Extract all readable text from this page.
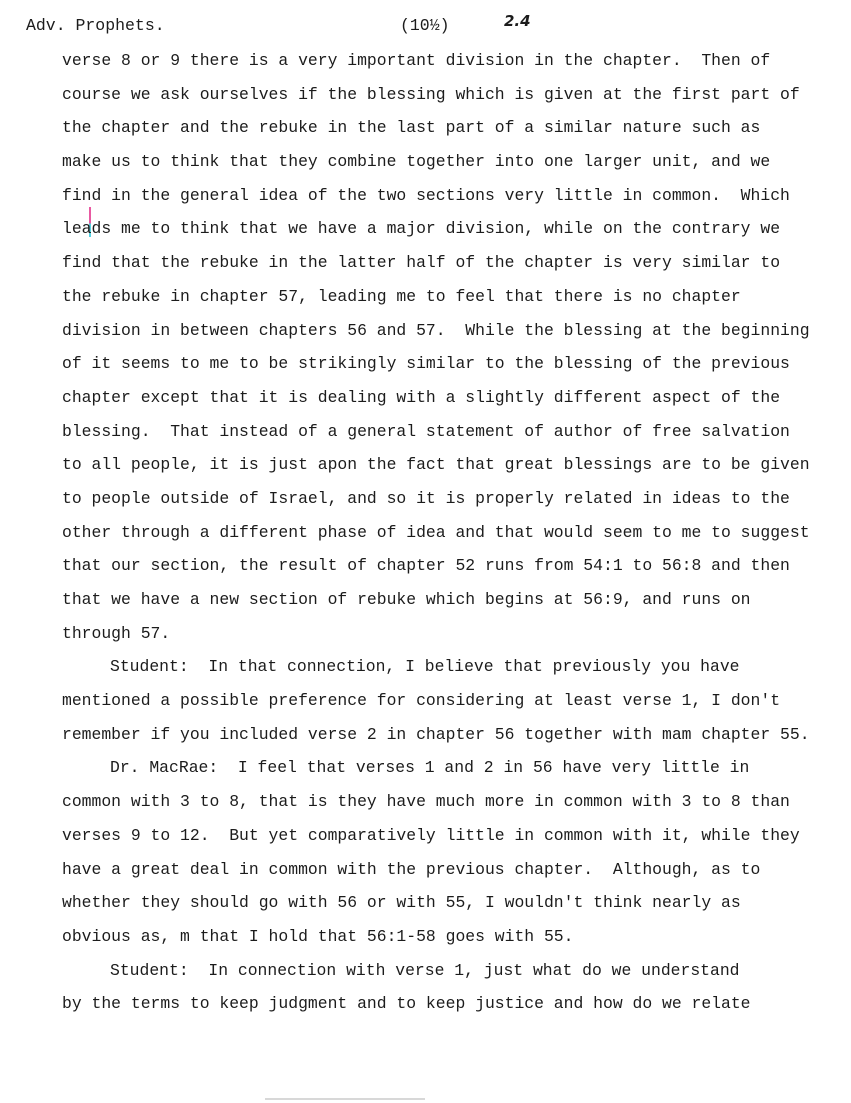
Adv. Prophets.	(10½)	2.4
verse 8 or 9 there is a very important division in the chapter.  Then of
course we ask ourselves if the blessing which is given at the first part of
the chapter and the rebuke in the last part of a similar nature such as
make us to think that they combine together into one larger unit, and we
find in the general idea of the two sections very little in common.  Which
leads me to think that we have a major division, while on the contrary we
find that the rebuke in the latter half of the chapter is very similar to
the rebuke in chapter 57, leading me to feel that there is no chapter
division in between chapters 56 and 57.  While the blessing at the beginning
of it seems to me to be strikingly similar to the blessing of the previous
chapter except that it is dealing with a slightly different aspect of the
blessing.  That instead of a general statement of author of free salvation
to all people, it is just apon the fact that great blessings are to be given
to people outside of Israel, and so it is properly related in ideas to the
other through a different phase of idea and that would seem to me to suggest
that our section, the result of chapter 52 runs from 54:1 to 56:8 and then
that we have a new section of rebuke which begins at 56:9, and runs on
through 57.
Student:  In that connection, I believe that previously you have
mentioned a possible preference for considering at least verse 1, I don't
remember if you included verse 2 in chapter 56 together with mam chapter 55.
Dr. MacRae:  I feel that verses 1 and 2 in 56 have very little in
common with 3 to 8, that is they have much more in common with 3 to 8 than
verses 9 to 12.  But yet comparatively little in common with it, while they
have a great deal in common with the previous chapter.  Although, as to
whether they should go with 56 or with 55, I wouldn't think nearly as
obvious as, m that I hold that 56:1-58 goes with 55.
Student:  In connection with verse 1, just what do we understand
by the terms to keep judgment and to keep justice and how do we relate
